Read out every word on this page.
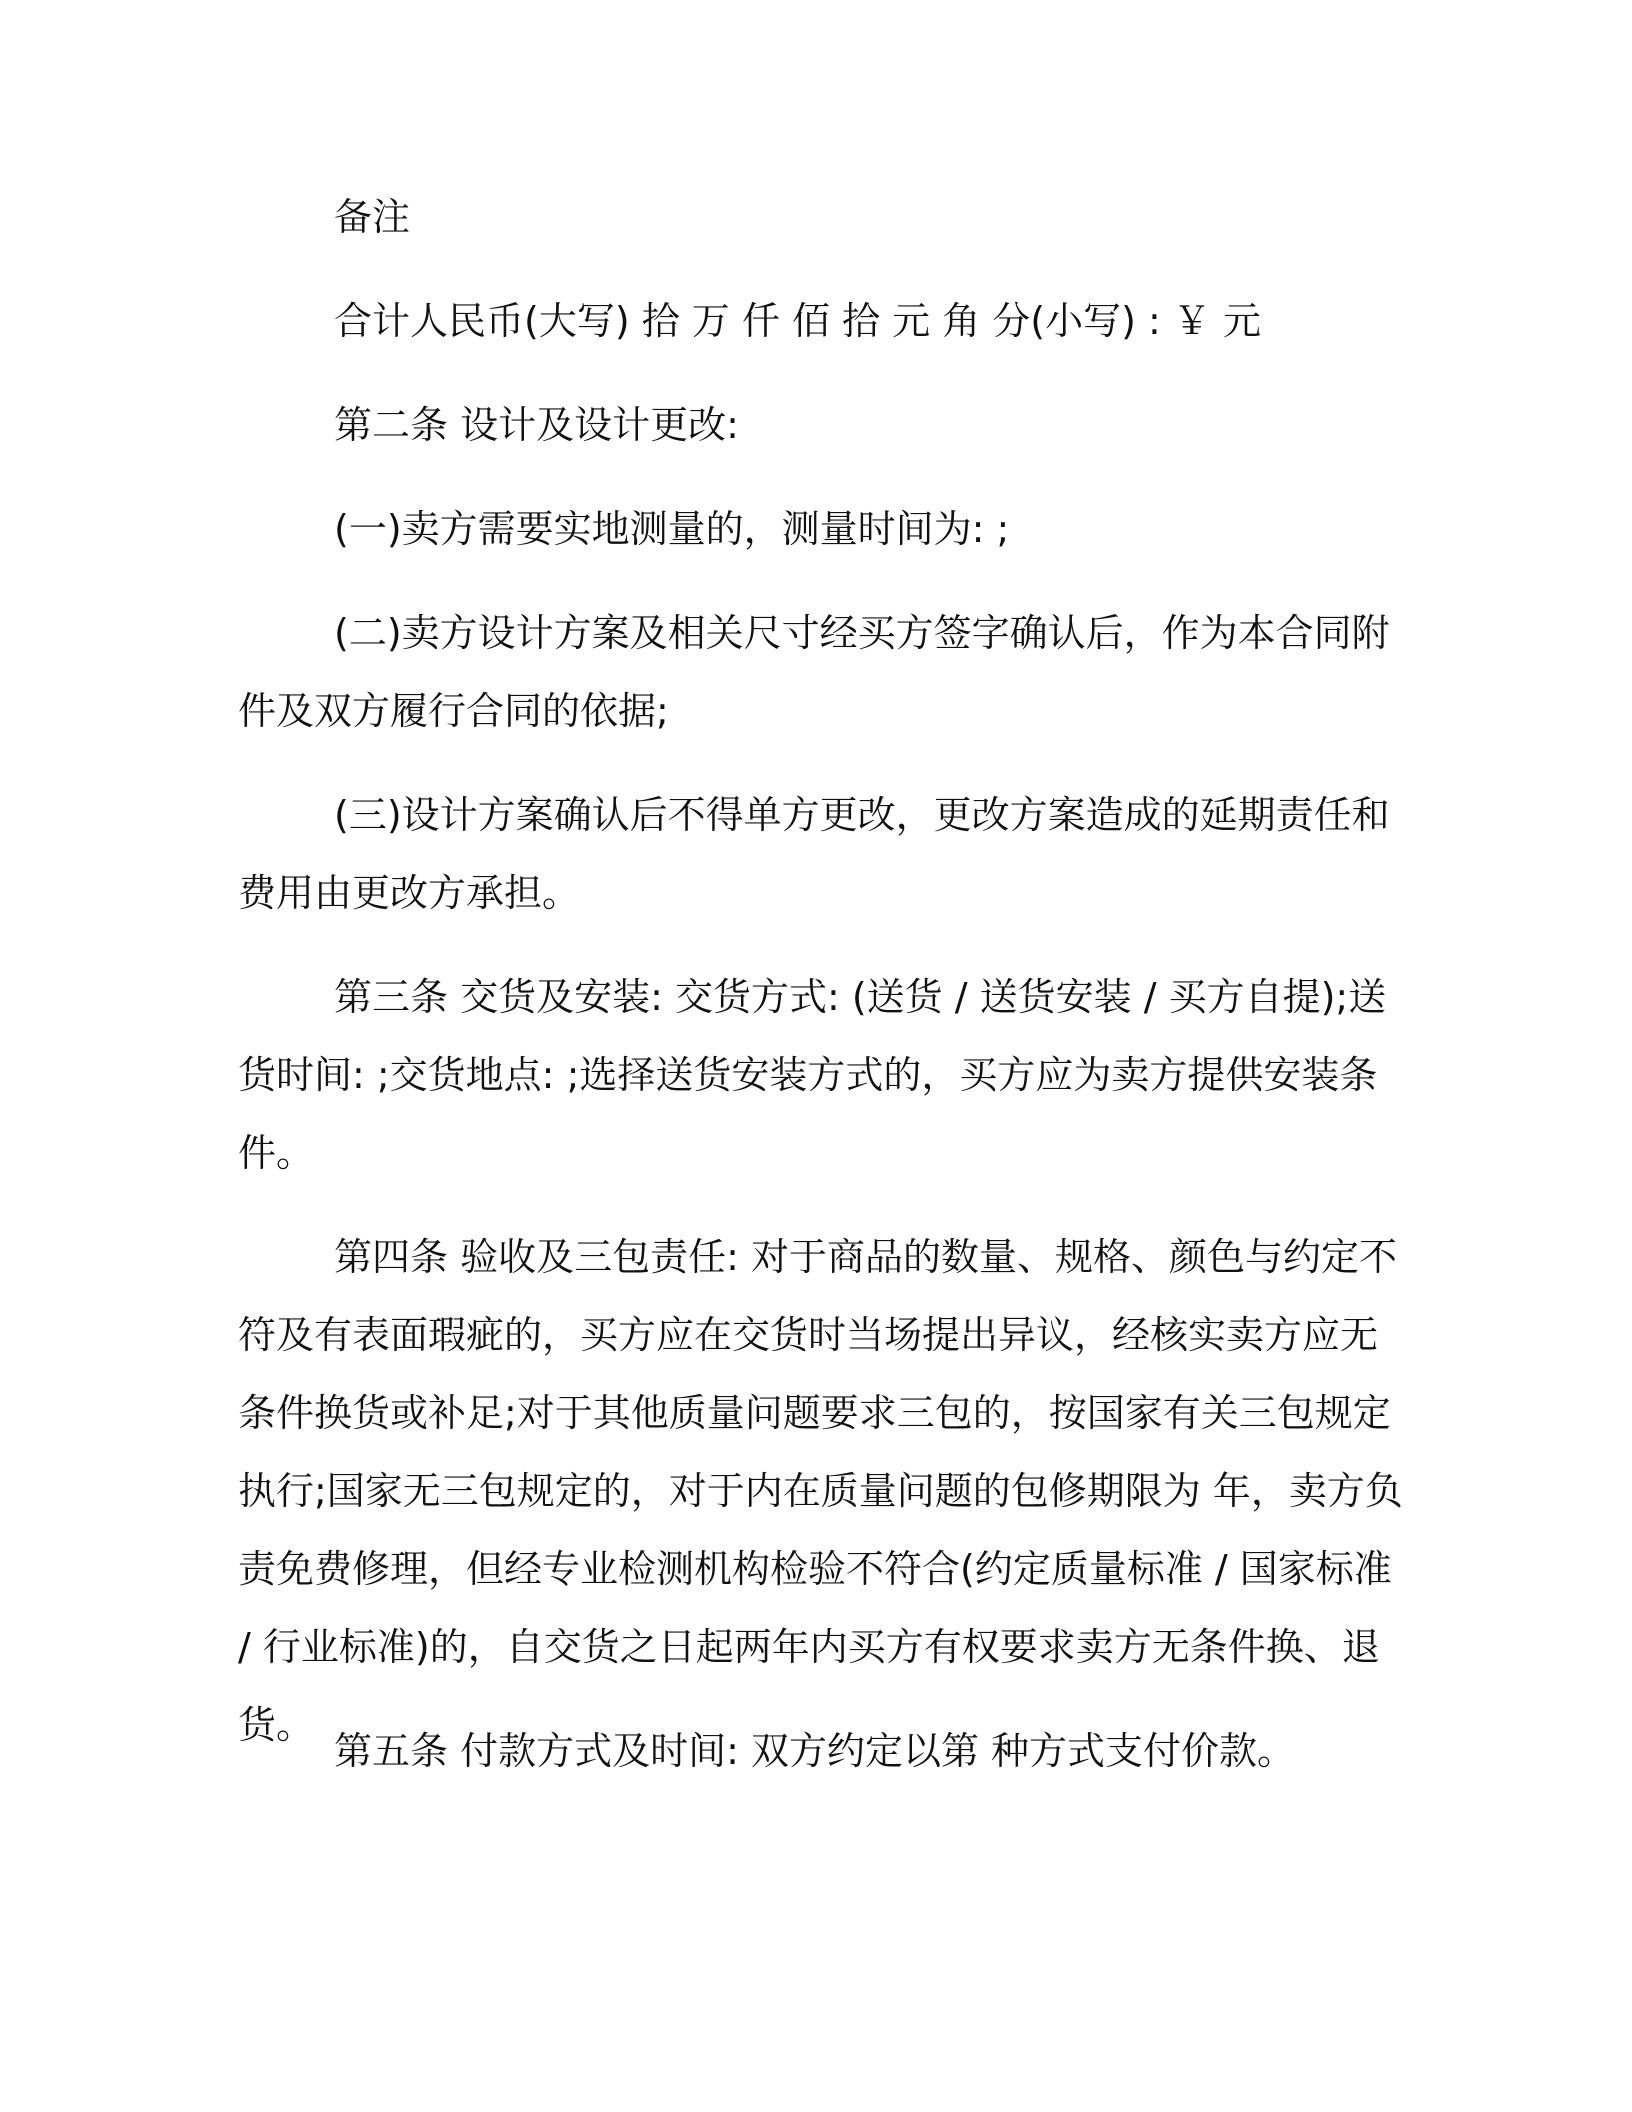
备注

合计人民币(大写) 拾 万 仟 佰 拾 元 角 分(小写) : ￥ 元

第二条 设计及设计更改:

(一)卖方需要实地测量的，测量时间为: ;

(二)卖方设计方案及相关尺寸经买方签字确认后，作为本合同附件及双方履行合同的依据;

(三)设计方案确认后不得单方更改，更改方案造成的延期责任和费用由更改方承担。

第三条 交货及安装: 交货方式: (送货 / 送货安装 / 买方自提);送货时间: ;交货地点: ;选择送货安装方式的，买方应为卖方提供安装条件。

第四条 验收及三包责任: 对于商品的数量、规格、颜色与约定不符及有表面瑕疵的，买方应在交货时当场提出异议，经核实卖方应无条件换货或补足;对于其他质量问题要求三包的，按国家有关三包规定执行;国家无三包规定的，对于内在质量问题的包修期限为 年，卖方负责免费修理，但经专业检测机构检验不符合(约定质量标准 / 国家标准 / 行业标准)的，自交货之日起两年内买方有权要求卖方无条件换、退货。

第五条 付款方式及时间: 双方约定以第 种方式支付价款。
